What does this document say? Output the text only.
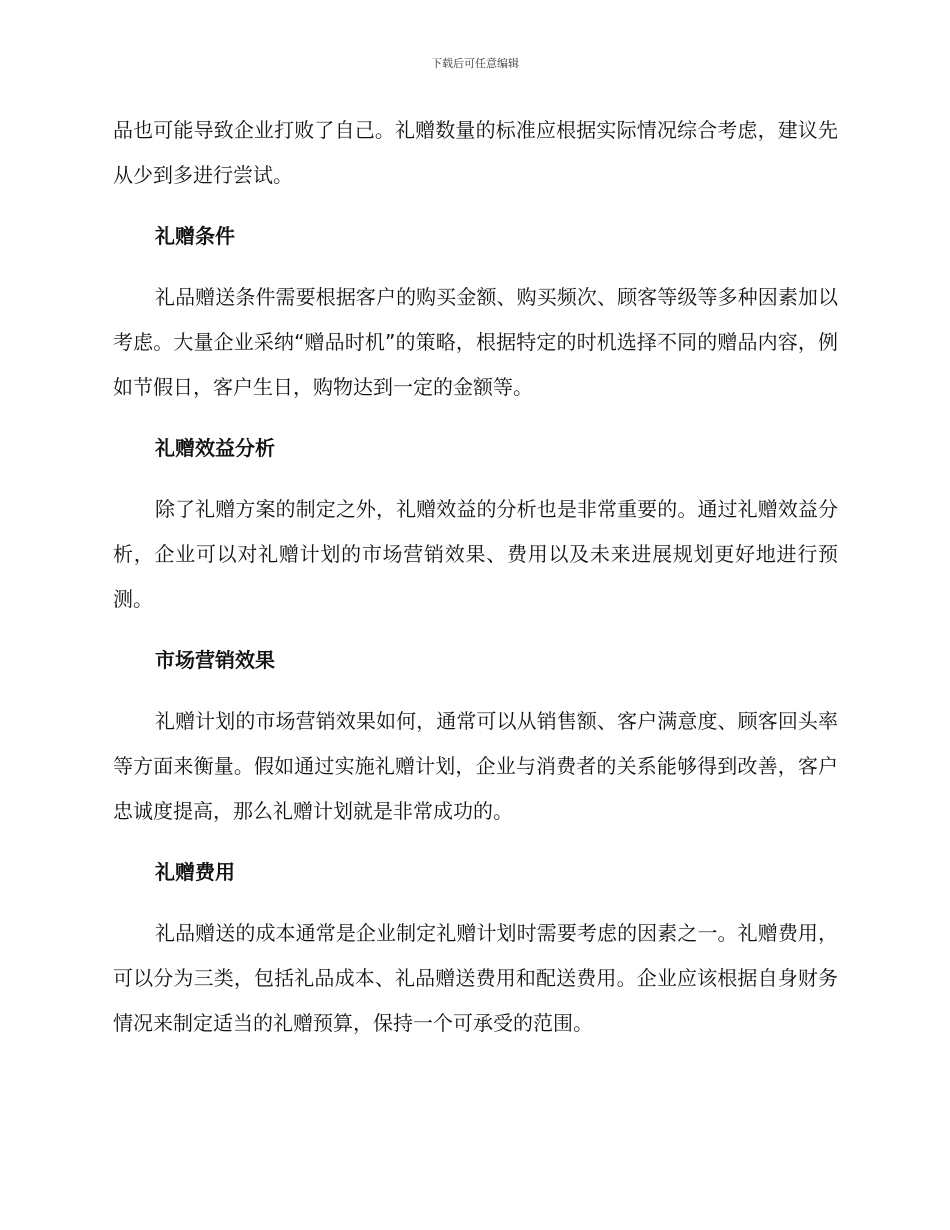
下载后可任意编辑

品也可能导致企业打败了自己。礼赠数量的标准应根据实际情况综合考虑，建议先从少到多进行尝试。

礼赠条件

礼品赠送条件需要根据客户的购买金额、购买频次、顾客等级等多种因素加以考虑。大量企业采纳“赠品时机”的策略，根据特定的时机选择不同的赠品内容，例如节假日，客户生日，购物达到一定的金额等。

礼赠效益分析

除了礼赠方案的制定之外，礼赠效益的分析也是非常重要的。通过礼赠效益分析，企业可以对礼赠计划的市场营销效果、费用以及未来进展规划更好地进行预测。

市场营销效果

礼赠计划的市场营销效果如何，通常可以从销售额、客户满意度、顾客回头率等方面来衡量。假如通过实施礼赠计划，企业与消费者的关系能够得到改善，客户忠诚度提高，那么礼赠计划就是非常成功的。

礼赠费用

礼品赠送的成本通常是企业制定礼赠计划时需要考虑的因素之一。礼赠费用，可以分为三类，包括礼品成本、礼品赠送费用和配送费用。企业应该根据自身财务情况来制定适当的礼赠预算，保持一个可承受的范围。
